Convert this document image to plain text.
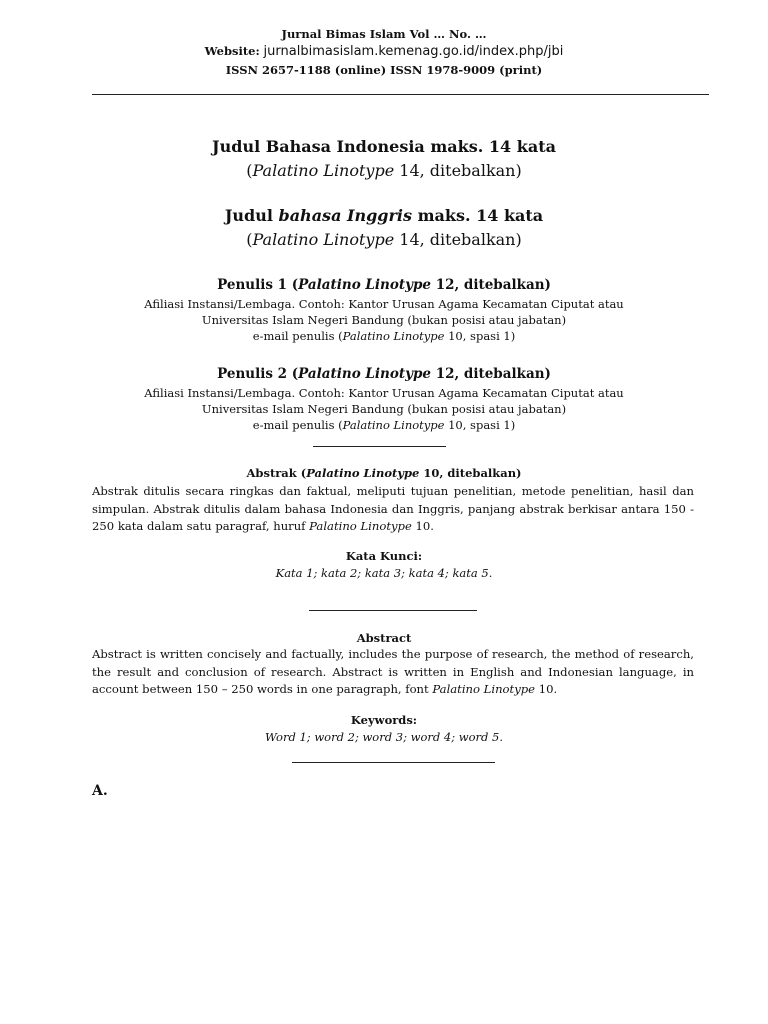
Jurnal Bimas Islam Vol … No. …
Website: jurnalbimasislam.kemenag.go.id/index.php/jbi
ISSN 2657-1188 (online) ISSN 1978-9009 (print)
Judul Bahasa Indonesia maks. 14 kata
(Palatino Linotype 14, ditebalkan)
Judul bahasa Inggris maks. 14 kata
(Palatino Linotype 14, ditebalkan)
Penulis 1 (Palatino Linotype 12, ditebalkan)
Afiliasi Instansi/Lembaga. Contoh: Kantor Urusan Agama Kecamatan Ciputat atau
Universitas Islam Negeri Bandung (bukan posisi atau jabatan)
e-mail penulis (Palatino Linotype 10, spasi 1)
Penulis 2 (Palatino Linotype 12, ditebalkan)
Afiliasi Instansi/Lembaga. Contoh: Kantor Urusan Agama Kecamatan Ciputat atau
Universitas Islam Negeri Bandung (bukan posisi atau jabatan)
e-mail penulis (Palatino Linotype 10, spasi 1)
Abstrak (Palatino Linotype 10, ditebalkan)
Abstrak ditulis secara ringkas dan faktual, meliputi tujuan penelitian, metode penelitian, hasil dan simpulan. Abstrak ditulis dalam bahasa Indonesia dan Inggris, panjang abstrak berkisar antara 150 - 250 kata dalam satu paragraf, huruf Palatino Linotype 10.
Kata Kunci:
Kata 1; kata 2; kata 3; kata 4; kata 5.
Abstract
Abstract is written concisely and factually, includes the purpose of research, the method of research, the result and conclusion of research. Abstract is written in English and Indonesian language, in account between 150 – 250 words in one paragraph, font Palatino Linotype 10.
Keywords:
Word 1; word 2; word 3; word 4; word 5.
A.
